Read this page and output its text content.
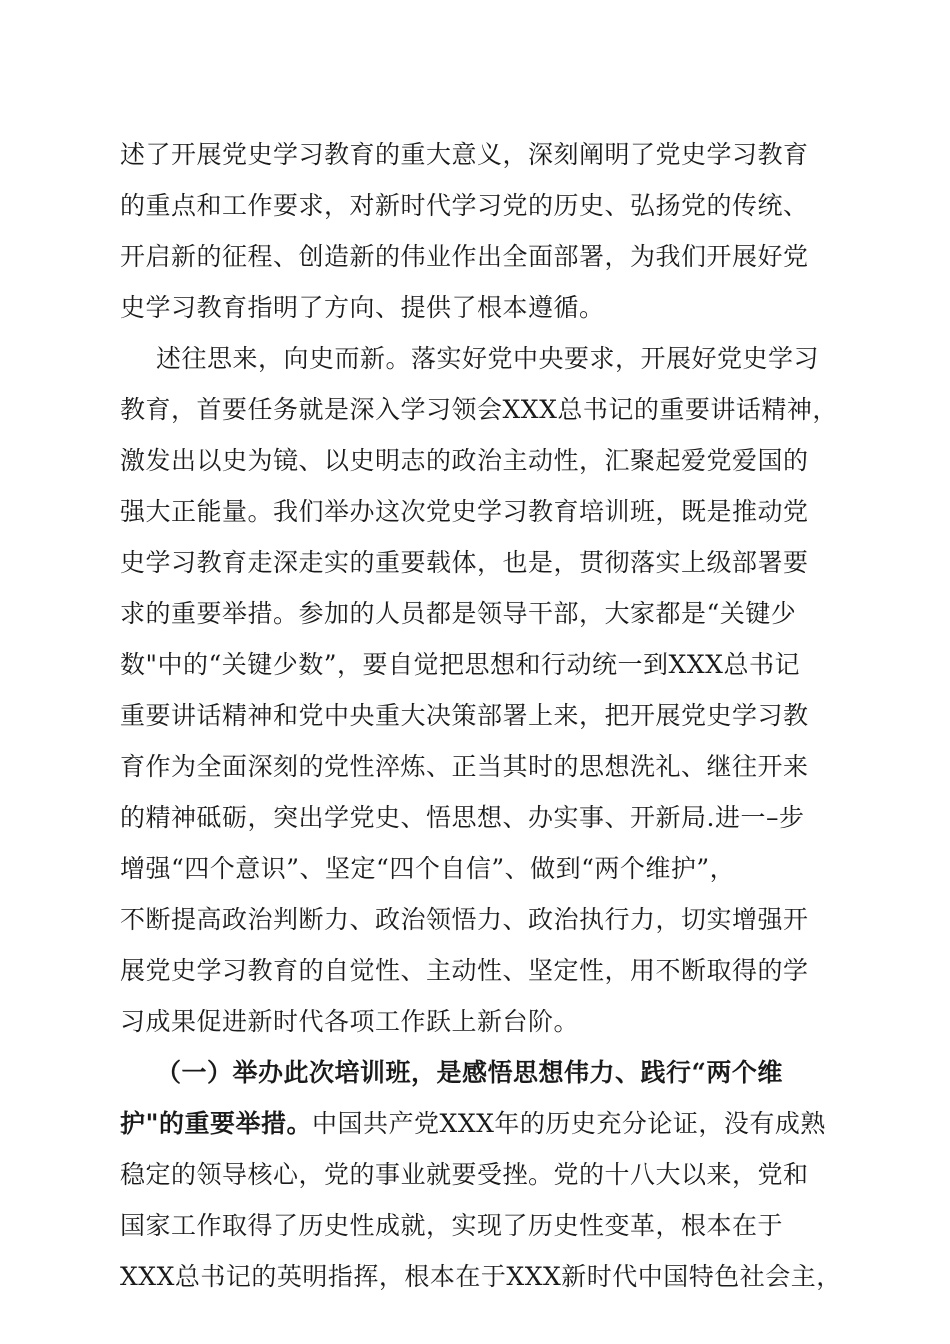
述了开展党史学习教育的重大意义，深刻阐明了党史学习教育
的重点和工作要求，对新时代学习党的历史、弘扬党的传统、
开启新的征程、创造新的伟业作出全面部署，为我们开展好党
史学习教育指明了方向、提供了根本遵循。
述往思来，向史而新。落实好党中央要求，开展好党史学习
教育，首要任务就是深入学习领会XXX总书记的重要讲话精神，
激发出以史为镜、以史明志的政治主动性，汇聚起爱党爱国的
强大正能量。我们举办这次党史学习教育培训班，既是推动党
史学习教育走深走实的重要载体，也是，贯彻落实上级部署要
求的重要举措。参加的人员都是领导干部，大家都是“关键少
数"中的“关键少数”，要自觉把思想和行动统一到XXX总书记
重要讲话精神和党中央重大决策部署上来，把开展党史学习教
育作为全面深刻的党性淬炼、正当其时的思想洗礼、继往开来
的精神砥砺，突出学党史、悟思想、办实事、开新局.进一–步
增强“四个意识”、坚定“四个自信”、做到“两个维护”，
不断提高政治判断力、政治领悟力、政治执行力，切实增强开
展党史学习教育的自觉性、主动性、坚定性，用不断取得的学
习成果促进新时代各项工作跃上新台阶。
（一）举办此次培训班，是感悟思想伟力、践行“两个维
护"的重要举措。中国共产党XXX年的历史充分论证，没有成熟
稳定的领导核心，党的事业就要受挫。党的十八大以来，党和
国家工作取得了历史性成就，实现了历史性变革，根本在于
XXX总书记的英明指挥，根本在于XXX新时代中国特色社会主，
